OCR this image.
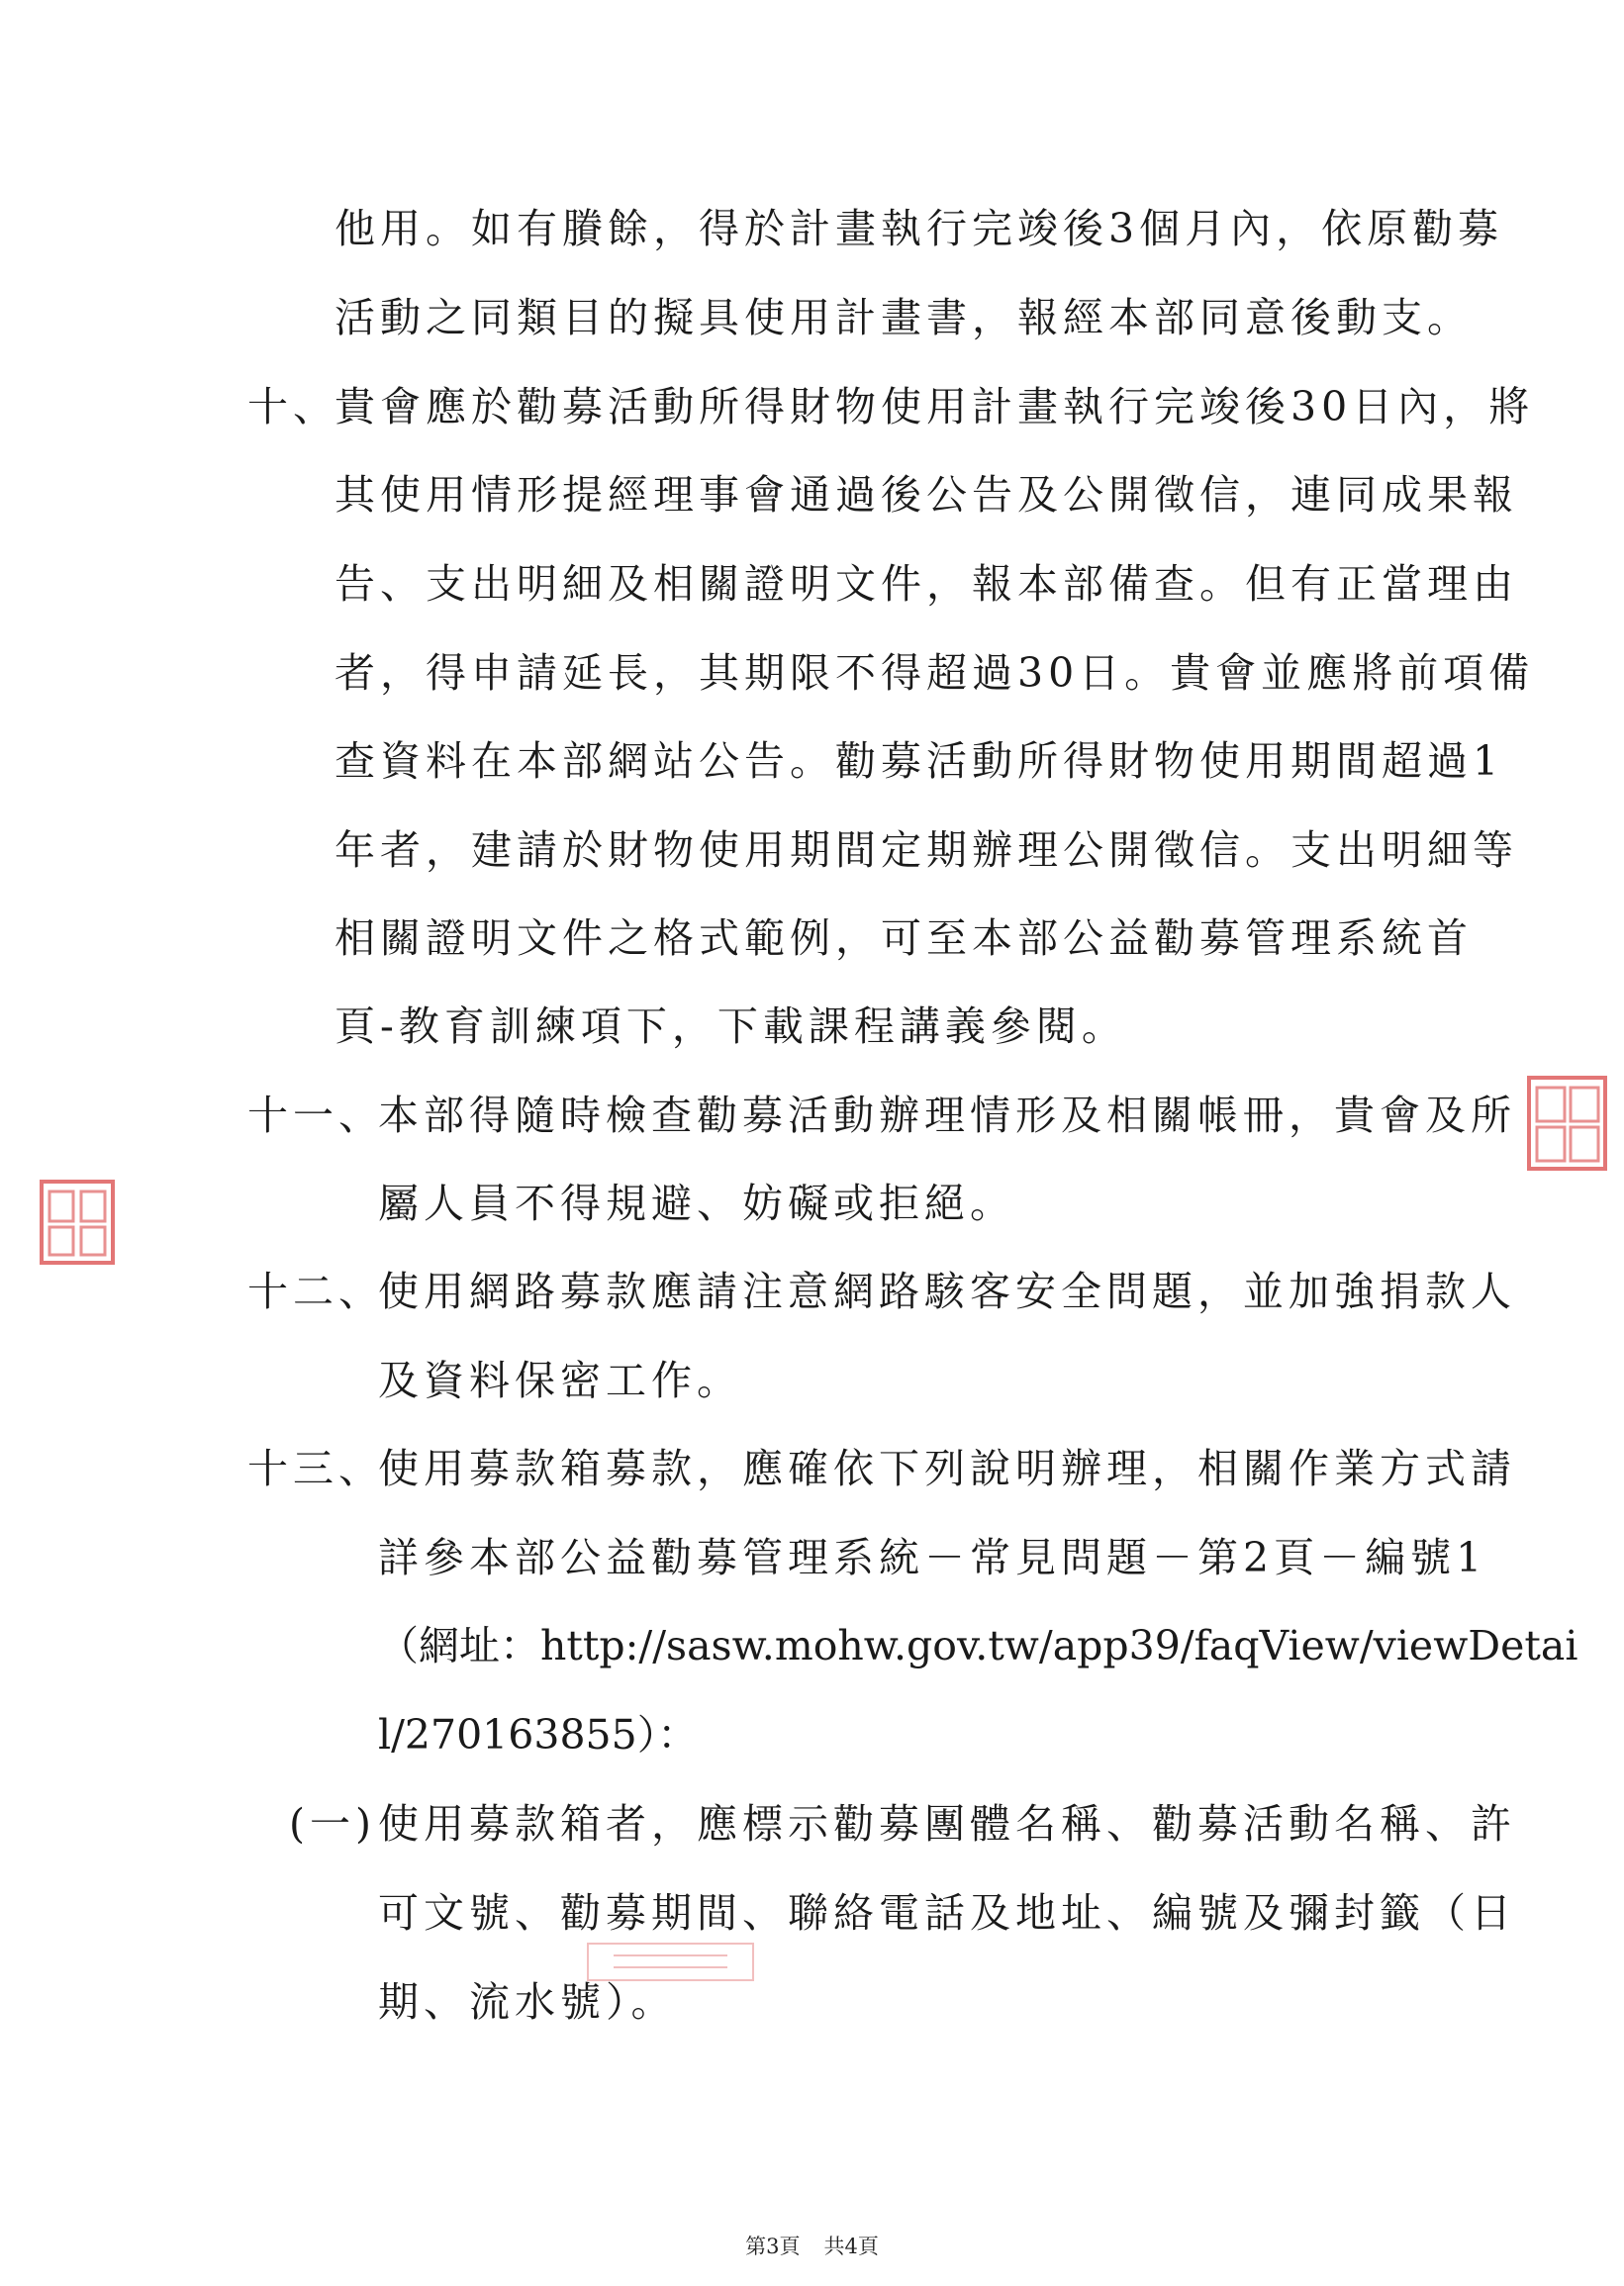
他用。如有賸餘，得於計畫執行完竣後3個月內，依原勸募

活動之同類目的擬具使用計畫書，報經本部同意後動支。

十、

貴會應於勸募活動所得財物使用計畫執行完竣後30日內，將

其使用情形提經理事會通過後公告及公開徵信，連同成果報

告、支出明細及相關證明文件，報本部備查。但有正當理由

者，得申請延長，其期限不得超過30日。貴會並應將前項備

查資料在本部網站公告。勸募活動所得財物使用期間超過1

年者，建請於財物使用期間定期辦理公開徵信。支出明細等

相關證明文件之格式範例，可至本部公益勸募管理系統首

頁-教育訓練項下，下載課程講義參閱。

十一、

本部得隨時檢查勸募活動辦理情形及相關帳冊，貴會及所

屬人員不得規避、妨礙或拒絕。

十二、

使用網路募款應請注意網路駭客安全問題，並加強捐款人

及資料保密工作。

十三、

使用募款箱募款，應確依下列說明辦理，相關作業方式請

詳參本部公益勸募管理系統－常見問題－第2頁－編號1

（網址：http://sasw.mohw.gov.tw/app39/faqView/viewDetai

l/270163855）：

(一) 使用募款箱者，應標示勸募團體名稱、勸募活動名稱、許

可文號、勸募期間、聯絡電話及地址、編號及彌封籤（日

期、流水號）。

第3頁 共4頁
